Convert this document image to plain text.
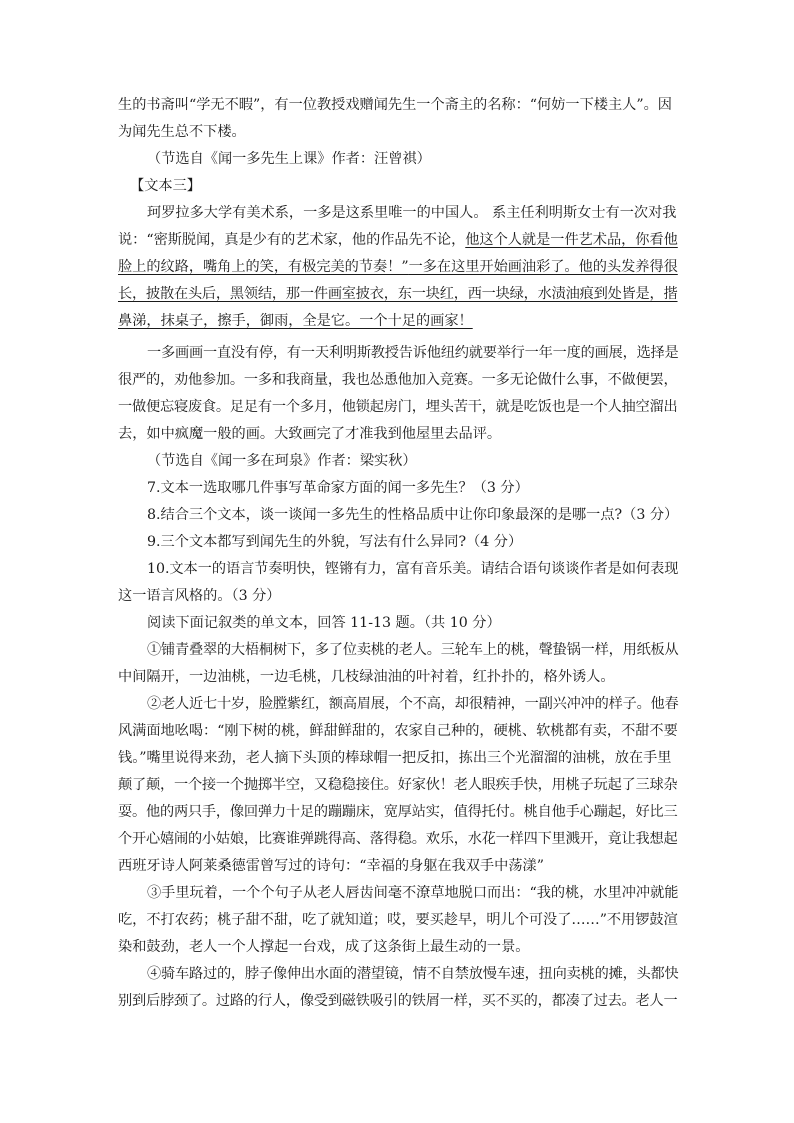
生的书斋叫“学无不暇”，有一位教授戏赠闻先生一个斋主的名称：“何妨一下楼主人”。因
为闻先生总不下楼。
（节选自《闻一多先生上课》作者：汪曾祺）
【文本三】
珂罗拉多大学有美术系，一多是这系里唯一的中国人。 系主任利明斯女士有一次对我
说：“密斯脱闻，真是少有的艺术家，他的作品先不论，他这个人就是一件艺术品，你看他
脸上的纹路，嘴角上的笑，有极完美的节奏！”一多在这里开始画油彩了。他的头发养得很
长，披散在头后，黑领结，那一件画室披衣，东一块红，西一块绿，水渍油痕到处皆是，揩
鼻涕，抹桌子，擦手，御雨，全是它。一个十足的画家！
一多画画一直没有停，有一天利明斯教授告诉他纽约就要举行一年一度的画展，选择是
很严的，劝他参加。一多和我商量，我也怂恿他加入竞赛。一多无论做什么事，不做便罢，
一做便忘寝废食。足足有一个多月，他锁起房门，埋头苦干，就是吃饭也是一个人抽空溜出
去，如中疯魔一般的画。大致画完了才准我到他屋里去品评。
（节选自《闻一多在珂泉》作者：梁实秋）
7.文本一选取哪几件事写革命家方面的闻一多先生？（3 分）
8.结合三个文本，谈一谈闻一多先生的性格品质中让你印象最深的是哪一点?（3 分）
9.三个文本都写到闻先生的外貌，写法有什么异同?（4 分）
10.文本一的语言节奏明快，铿锵有力，富有音乐美。请结合语句谈谈作者是如何表现
这一语言风格的。（3 分）
阅读下面记叙类的单文本，回答 11-13 题。（共 10 分）
①铺青叠翠的大梧桐树下，多了位卖桃的老人。三轮车上的桃，聲蛰锅一样，用纸板从
中间隔开，一边油桃，一边毛桃，几枝绿油油的叶衬着，红扑扑的，格外诱人。
②老人近七十岁，脸膛紫红，额高眉展，个不高，却很精神，一副兴冲冲的样子。他春
风满面地吆喝：“刚下树的桃，鲜甜鲜甜的，农家自己种的，硬桃、软桃都有卖，不甜不要
钱。”嘴里说得来劲，老人摘下头顶的棒球帽一把反扣，拣出三个光溜溜的油桃，放在手里
颠了颠，一个接一个抛掷半空，又稳稳接住。好家伙！老人眼疾手快，用桃子玩起了三球杂
耍。他的两只手，像回弹力十足的蹦蹦床，宽厚站实，值得托付。桃自他手心蹦起，好比三
个开心嬉闹的小姑娘，比赛谁弹跳得高、落得稳。欢乐，水花一样四下里溅开，竟让我想起
西班牙诗人阿莱桑德雷曾写过的诗句：“幸福的身躯在我双手中荡漾”
③手里玩着，一个个句子从老人唇齿间毫不潦草地脱口而出：“我的桃，水里冲冲就能
吃，不打农药；桃子甜不甜，吃了就知道；哎，要买趁早，明儿个可没了……”不用锣鼓渲
染和鼓劲，老人一个人撑起一台戏，成了这条街上最生动的一景。
④骑车路过的，脖子像伸出水面的潜望镜，情不自禁放慢车速，扭向卖桃的摊，头都快
别到后脖颈了。过路的行人，像受到磁铁吸引的铁屑一样，买不买的，都凑了过去。老人一
